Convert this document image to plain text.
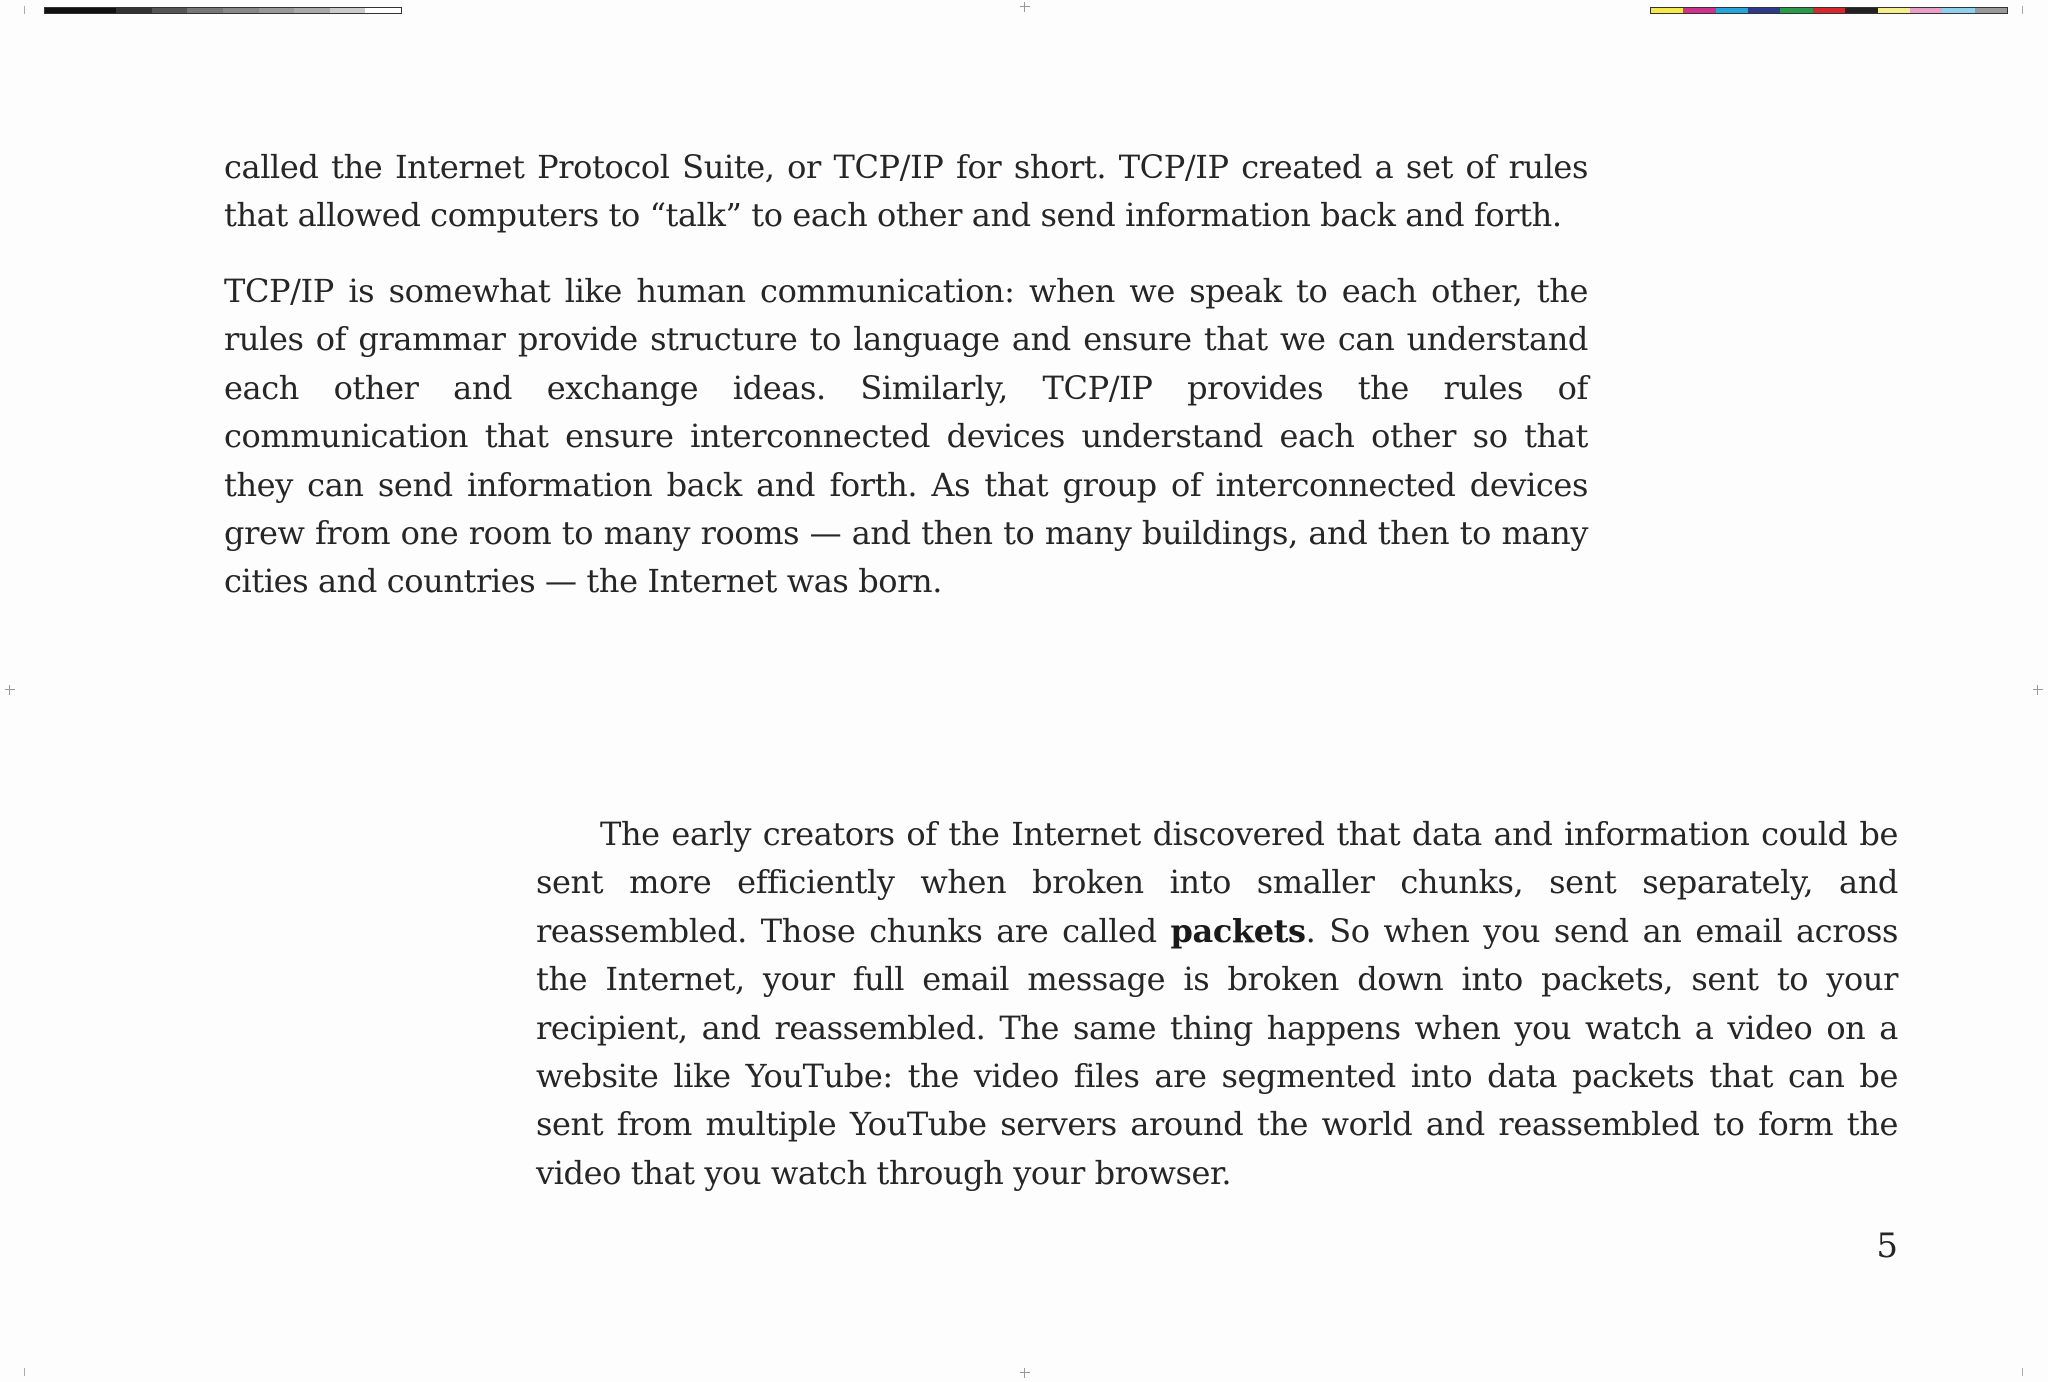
called the Internet Protocol Suite, or TCP/IP for short. TCP/IP created a set of rules that allowed computers to “talk” to each other and send information back and forth.

TCP/IP is somewhat like human communication: when we speak to each other, the rules of grammar provide structure to language and ensure that we can understand each other and exchange ideas. Similarly, TCP/IP provides the rules of communication that ensure interconnected devices understand each other so that they can send information back and forth. As that group of interconnected devices grew from one room to many rooms — and then to many buildings, and then to many cities and countries — the Internet was born.

The early creators of the Internet discovered that data and information could be sent more efficiently when broken into smaller chunks, sent separately, and reassembled. Those chunks are called packets. So when you send an email across the Internet, your full email message is broken down into packets, sent to your recipient, and reassembled. The same thing happens when you watch a video on a website like YouTube: the video files are segmented into data packets that can be sent from multiple YouTube servers around the world and reassembled to form the video that you watch through your browser.

5
